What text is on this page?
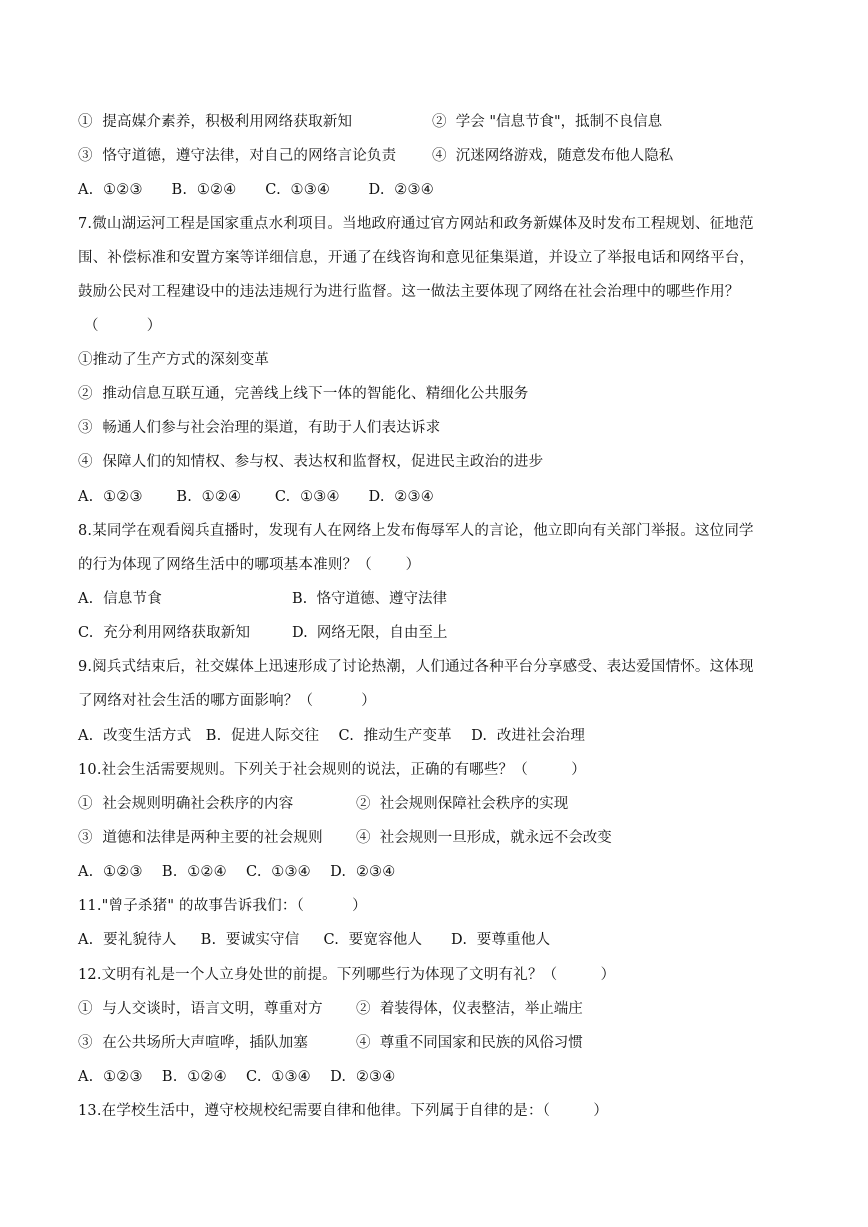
①  提高媒介素养，积极利用网络获取新知	②  学会 "信息节食"，抵制不良信息
③  恪守道德，遵守法律，对自己的网络言论负责 ④  沉迷网络游戏，随意发布他人隐私
A.  ①②③      B.  ①②④      C.  ①③④        D.  ②③④
7.微山湖运河工程是国家重点水利项目。当地政府通过官方网站和政务新媒体及时发布工程规划、征地范
围、补偿标准和安置方案等详细信息，开通了在线咨询和意见征集渠道，并设立了举报电话和网络平台，
鼓励公民对工程建设中的违法违规行为进行监督。这一做法主要体现了网络在社会治理中的哪些作用？
（          ）
①推动了生产方式的深刻变革
②  推动信息互联互通，完善线上线下一体的智能化、精细化公共服务
③  畅通人们参与社会治理的渠道，有助于人们表达诉求
④  保障人们的知情权、参与权、表达权和监督权，促进民主政治的进步
A.  ①②③       B.  ①②④       C.  ①③④      D.  ②③④
8.某同学在观看阅兵直播时，发现有人在网络上发布侮辱军人的言论，他立即向有关部门举报。这位同学
的行为体现了网络生活中的哪项基本准则？（       ）
A.  信息节食	B.  恪守道德、遵守法律
C.  充分利用网络获取新知	D.  网络无限，自由至上
9.阅兵式结束后，社交媒体上迅速形成了讨论热潮，人们通过各种平台分享感受、表达爱国情怀。这体现
了网络对社会生活的哪方面影响？（          ）
A.  改变生活方式   B.  促进人际交往    C.  推动生产变革    D.  改进社会治理
10.社会生活需要规则。下列关于社会规则的说法，正确的有哪些？（         ）
①  社会规则明确社会秩序的内容	②  社会规则保障社会秩序的实现
③  道德和法律是两种主要的社会规则 ④  社会规则一旦形成，就永远不会改变
A.  ①②③    B.  ①②④    C.  ①③④    D.  ②③④
11."曾子杀猪" 的故事告诉我们：（          ）
A.  要礼貌待人     B.  要诚实守信     C.  要宽容他人      D.  要尊重他人
12.文明有礼是一个人立身处世的前提。下列哪些行为体现了文明有礼？（         ）
①  与人交谈时，语言文明，尊重对方 ②  着装得体，仪表整洁，举止端庄
③  在公共场所大声喧哗，插队加塞	④  尊重不同国家和民族的风俗习惯
A.  ①②③    B.  ①②④    C.  ①③④    D.  ②③④
13.在学校生活中，遵守校规校纪需要自律和他律。下列属于自律的是：（         ）
